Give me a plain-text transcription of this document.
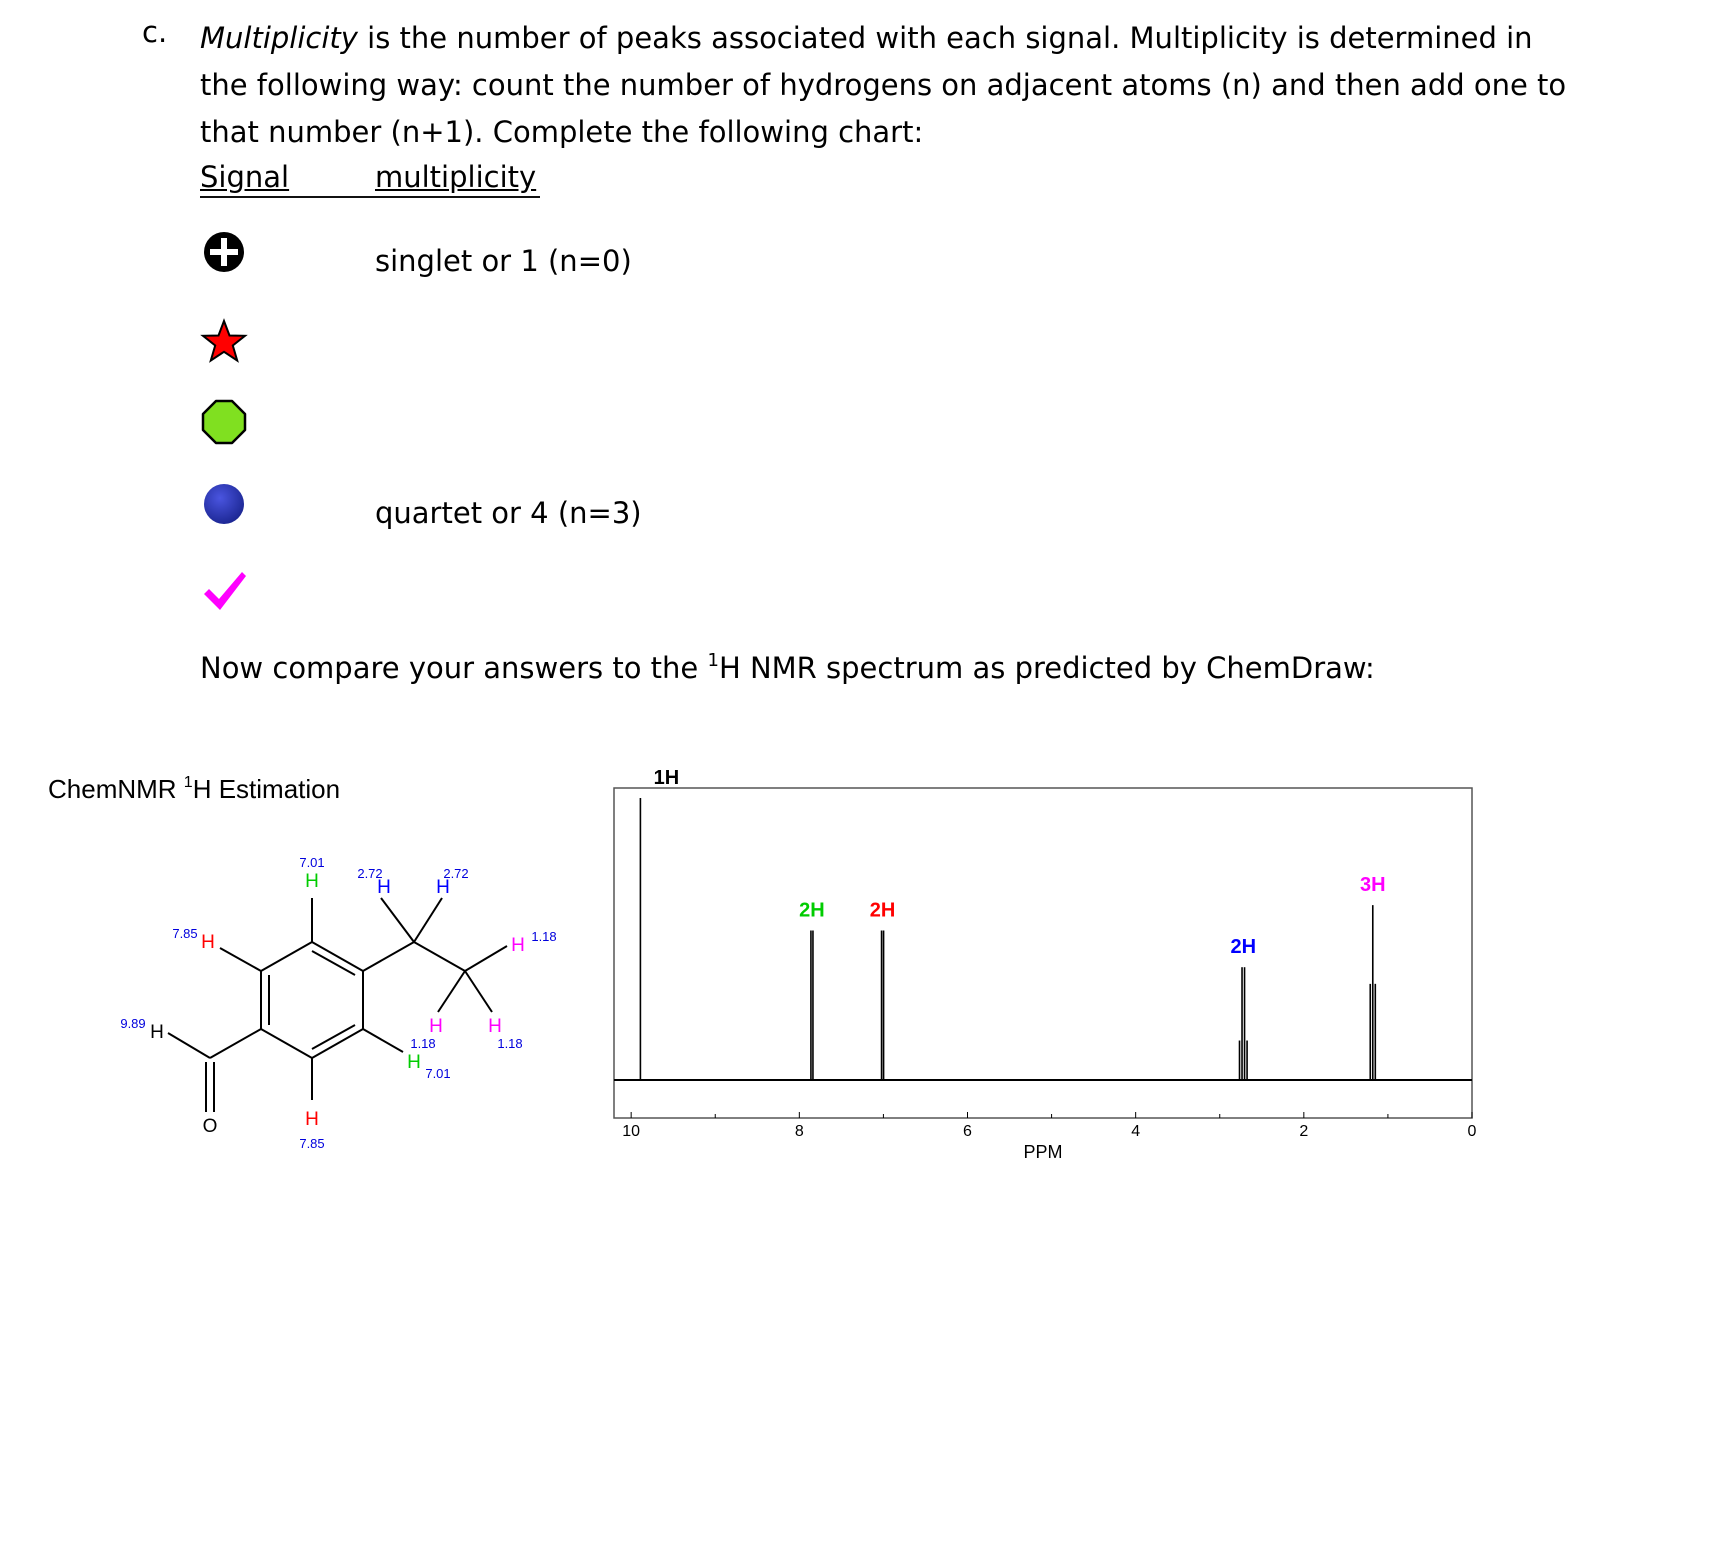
c. Multiplicity is the number of peaks associated with each signal. Multiplicity is determined in the following way: count the number of hydrogens on adjacent atoms (n) and then add one to that number (n+1). Complete the following chart:
Signal	multiplicity
singlet or 1 (n=0)
quartet or 4 (n=3)
Now compare your answers to the $^1$H NMR spectrum as predicted by ChemDraw:
ChemNMR $^1$H Estimation
H
7.01
H
2.72
H
2.72
H
7.85
H
9.89
H
7.85
H
7.01
H 1.18
H
1.18
H
1.18
O
1H
2H 2H
2H
3H
10	8	6	4	2	0
PPM
